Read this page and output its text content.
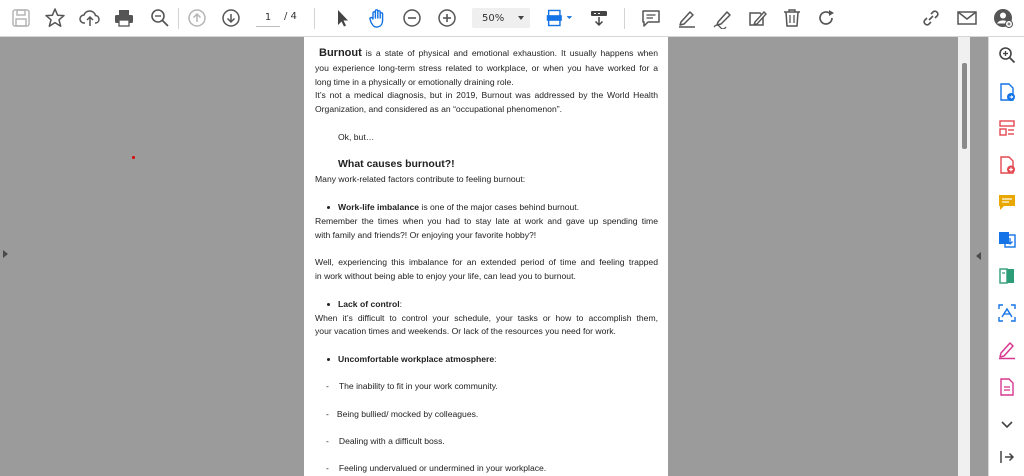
1
/ 4	50%
Burnout is a state of physical and emotional exhaustion. It usually happens when
you experience long-term stress related to workplace, or when you have worked for a
long time in a physically or emotionally draining role.
It’s not a medical diagnosis, but in 2019, Burnout was addressed by the World Health
Organization, and considered as an “occupational phenomenon”.
Ok, but…
What causes burnout?!
Many work-related factors contribute to feeling burnout:
Work-life imbalance is one of the major cases behind burnout.
Remember the times when you had to stay late at work and gave up spending time
with family and friends?! Or enjoying your favorite hobby?!
Well, experiencing this imbalance for an extended period of time and feeling trapped
in work without being able to enjoy your life, can lead you to burnout.
Lack of control:
When it’s difficult to control your schedule, your tasks or how to accomplish them,
your vacation times and weekends. Or lack of the resources you need for work.
Uncomfortable workplace atmosphere:
- The inability to fit in your work community.
- Being bullied/ mocked by colleagues.
- Dealing with a difficult boss.
- Feeling undervalued or undermined in your workplace.
